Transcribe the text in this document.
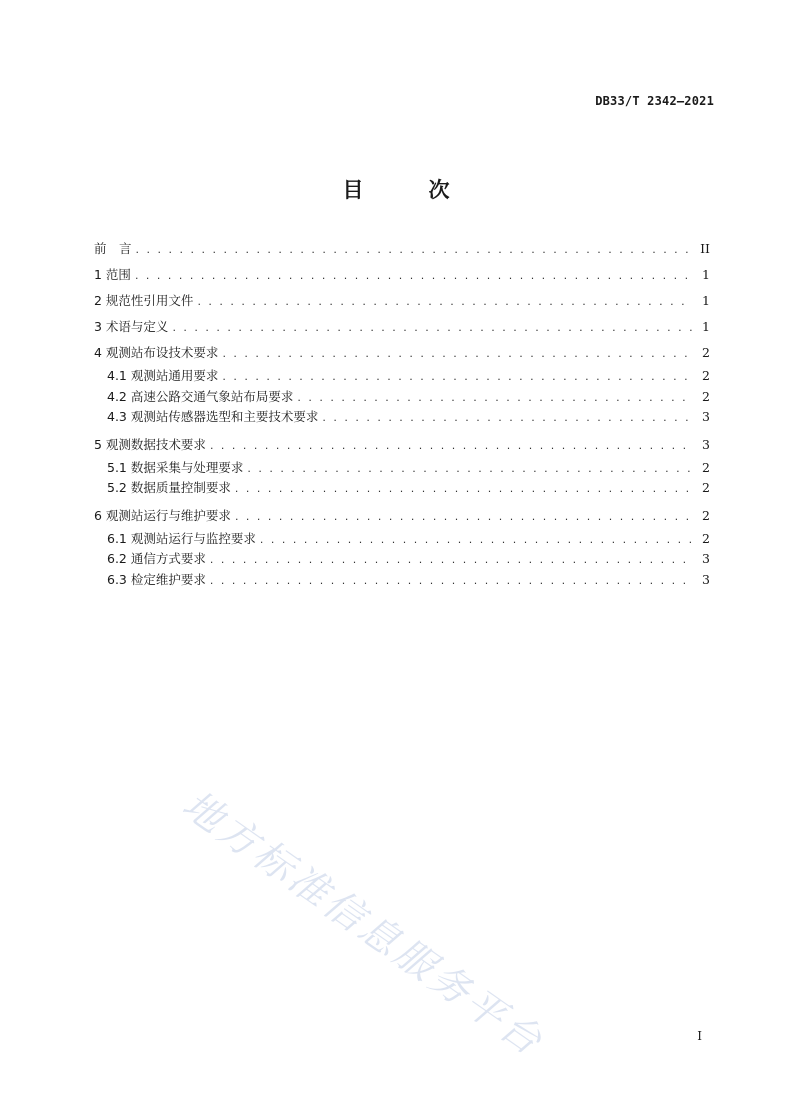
DB33/T 2342—2021
目　次
前　言 . . .	II
1 范围 . . .	1
2 规范性引用文件 . . .	1
3 术语与定义 . . .	1
4 观测站布设技术要求 . . .	2
4.1 观测站通用要求 . . .	2
4.2 高速公路交通气象站布局要求 . . .	2
4.3 观测站传感器选型和主要技术要求 . . .	3
5 观测数据技术要求 . . .	3
5.1 数据采集与处理要求 . . .	2
5.2 数据质量控制要求 . . .	2
6 观测站运行与维护要求 . . .	2
6.1 观测站运行与监控要求 . . .	2
6.2 通信方式要求 . . .	3
6.3 检定维护要求 . . .	3
地方标准信息服务平台	I
